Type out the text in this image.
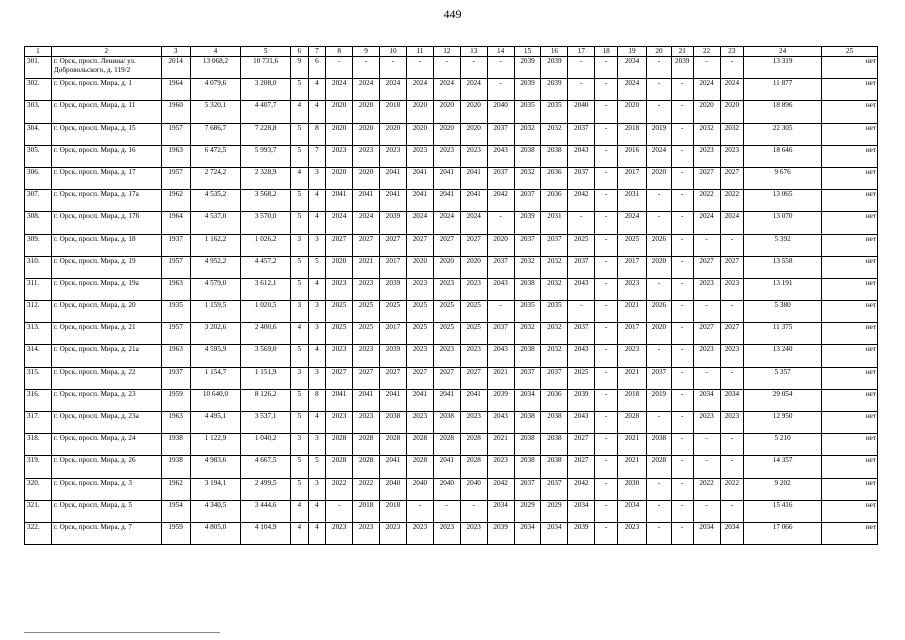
449
1	2	3	4	5	6	7	8	9	10	11	12	13	14	15	16	17	18	19	20	21	22	23	24	25
301.	г. Орск, просп. Ленина/ ул. Добровольского, д. 119/2	2014	13 068,2	10 731,6	9	6	-	-	-	-	-	-	-	2039	2039	-	-	2034	-	2039	-	-	13 319	нет
302.	г. Орск, просп. Мира, д. 1	1964	4 079,6	3 208,0	5	4	2024	2024	2024	2024	2024	2024	-	2039	2039	-	-	2024	-	-	2024	2024	11 877	нет
303.	г. Орск, просп. Мира, д. 11	1960	5 320,1	4 407,7	4	4	2020	2020	2018	2020	2020	2020	2040	2035	2035	2040	-	2020	-	-	2020	2020	18 896	нет
304.	г. Орск, просп. Мира, д. 15	1957	7 686,7	7 228,8	5	8	2020	2020	2020	2020	2020	2020	2037	2032	2032	2037	-	2018	2019	-	2032	2032	22 305	нет
305.	г. Орск, просп. Мира, д. 16	1963	6 472,5	5 993,7	5	7	2023	2023	2023	2023	2023	2023	2043	2038	2038	2043	-	2016	2024	-	2023	2023	18 646	нет
306.	г. Орск, просп. Мира, д. 17	1957	2 724,2	2 328,9	4	3	2020	2020	2041	2041	2041	2041	2037	2032	2036	2037	-	2017	2020	-	2027	2027	9 676	нет
307.	г. Орск, просп. Мира, д. 17а	1962	4 535,2	3 568,2	5	4	2041	2041	2041	2041	2041	2041	2042	2037	2036	2042	-	2031	-	-	2022	2022	13 065	нет
308.	г. Орск, просп. Мира, д. 17б	1964	4 537,0	3 570,0	5	4	2024	2024	2039	2024	2024	2024	-	2039	2031	-	-	2024	-	-	2024	2024	13 070	нет
309.	г. Орск, просп. Мира, д. 18	1937	1 162,2	1 026,2	3	3	2027	2027	2027	2027	2027	2027	2020	2037	2037	2025	-	2025	2026	-	-	-	5 392	нет
310.	г. Орск, просп. Мира, д. 19	1957	4 952,2	4 457,2	5	5	2020	2021	2017	2020	2020	2020	2037	2032	2032	2037	-	2017	2020	-	2027	2027	13 558	нет
311.	г. Орск, просп. Мира, д. 19а	1963	4 579,0	3 612,1	5	4	2023	2023	2039	2023	2023	2023	2043	2038	2032	2043	-	2023	-	-	2023	2023	13 191	нет
312.	г. Орск, просп. Мира, д. 20	1935	1 159,5	1 020,5	3	3	2025	2025	2025	2025	2025	2025	-	2035	2035	-	-	2021	2026	-	-	-	5 380	нет
313.	г. Орск, просп. Мира, д. 21	1957	3 202,6	2 400,6	4	3	2025	2025	2017	2025	2025	2025	2037	2032	2032	2037	-	2017	2020	-	2027	2027	11 375	нет
314.	г. Орск, просп. Мира, д. 21а	1963	4 595,9	3 569,0	5	4	2023	2023	2039	2023	2023	2023	2043	2038	2032	2043	-	2023	-	-	2023	2023	13 240	нет
315.	г. Орск, просп. Мира, д. 22	1937	1 154,7	1 151,9	3	3	2027	2027	2027	2027	2027	2027	2021	2037	2037	2025	-	2021	2037	-	-	-	5 357	нет
316.	г. Орск, просп. Мира, д. 23	1959	10 640,0	8 126,2	5	8	2041	2041	2041	2041	2041	2041	2039	2034	2036	2039	-	2018	2019	-	2034	2034	29 054	нет
317.	г. Орск, просп. Мира, д. 23а	1963	4 495,1	3 537,1	5	4	2023	2023	2038	2023	2038	2023	2043	2038	2038	2043	-	2028	-	-	2023	2023	12 950	нет
318.	г. Орск, просп. Мира, д. 24	1938	1 122,9	1 040,2	3	3	2028	2028	2028	2028	2028	2028	2021	2038	2038	2027	-	2021	2038	-	-	-	5 210	нет
319.	г. Орск, просп. Мира, д. 26	1938	4 983,6	4 667,5	5	5	2028	2028	2041	2028	2041	2028	2023	2038	2038	2027	-	2021	2028	-	-	-	14 357	нет
320.	г. Орск, просп. Мира, д. 3	1962	3 194,1	2 499,5	5	3	2022	2022	2040	2040	2040	2040	2042	2037	2037	2042	-	2030	-	-	2022	2022	9 202	нет
321.	г. Орск, просп. Мира, д. 5	1954	4 340,5	3 444,6	4	4	-	2018	2018	-	-	-	2034	2029	2029	2034	-	2034	-	-	-	-	15 416	нет
322.	г. Орск, просп. Мира, д. 7	1959	4 805,0	4 104,9	4	4	2023	2023	2023	2023	2023	2023	2039	2034	2034	2039	-	2023	-	-	2034	2034	17 066	нет
